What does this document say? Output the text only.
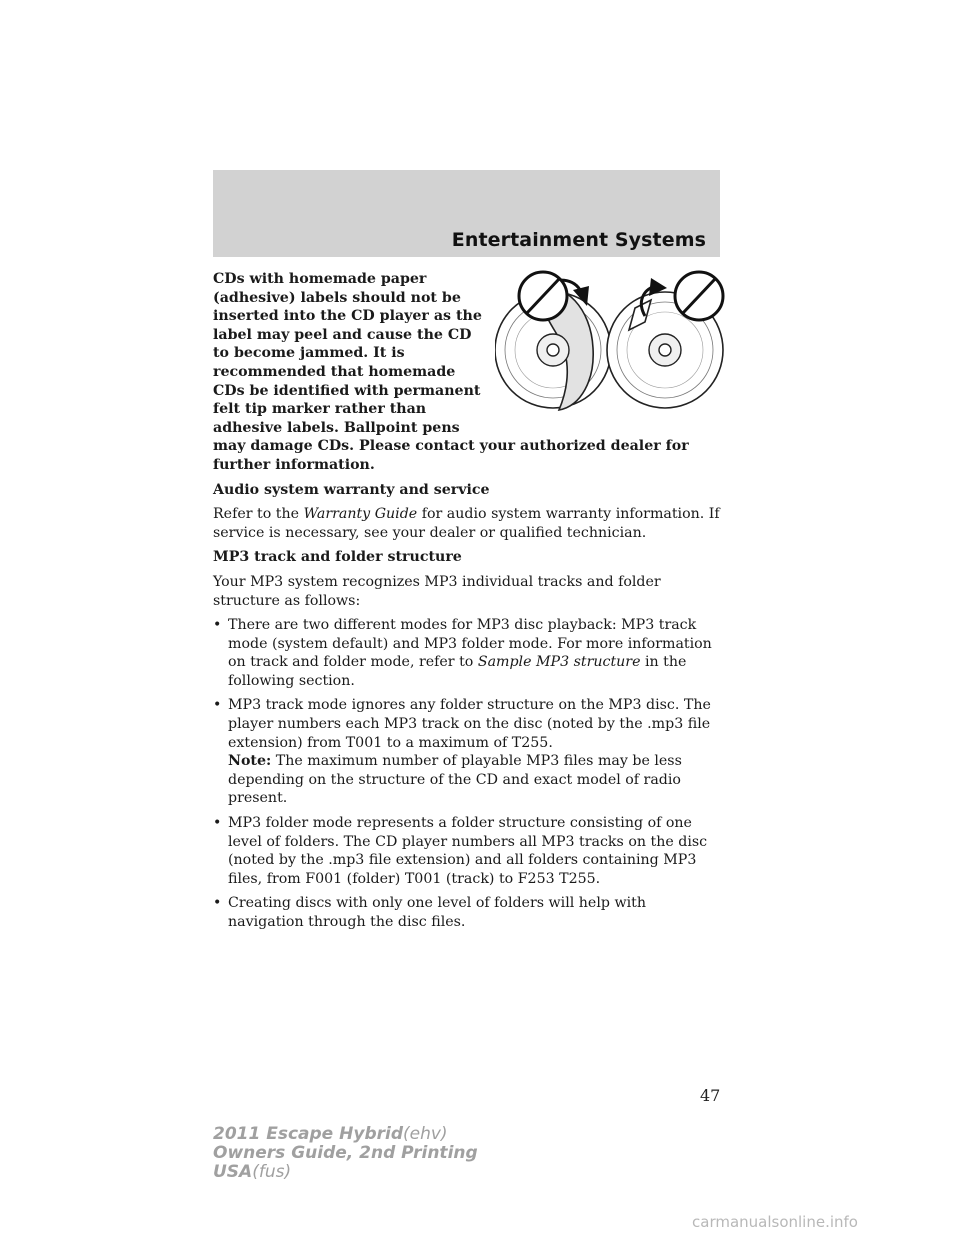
Entertainment Systems

CDs with homemade paper (adhesive) labels should not be inserted into the CD player as the label may peel and cause the CD to become jammed. It is recommended that homemade CDs be identified with permanent felt tip marker rather than adhesive labels. Ballpoint pens may damage CDs. Please contact your authorized dealer for further information.

Audio system warranty and service

Refer to the Warranty Guide for audio system warranty information. If service is necessary, see your dealer or qualified technician.

MP3 track and folder structure

Your MP3 system recognizes MP3 individual tracks and folder structure as follows:

• There are two different modes for MP3 disc playback: MP3 track mode (system default) and MP3 folder mode. For more information on track and folder mode, refer to Sample MP3 structure in the following section.
• MP3 track mode ignores any folder structure on the MP3 disc. The player numbers each MP3 track on the disc (noted by the .mp3 file extension) from T001 to a maximum of T255.
Note: The maximum number of playable MP3 files may be less depending on the structure of the CD and exact model of radio present.
• MP3 folder mode represents a folder structure consisting of one level of folders. The CD player numbers all MP3 tracks on the disc (noted by the .mp3 file extension) and all folders containing MP3 files, from F001 (folder) T001 (track) to F253 T255.
• Creating discs with only one level of folders will help with navigation through the disc files.
47
2011 Escape Hybrid(ehv)
Owners Guide, 2nd Printing
USA(fus)
carmanualsonline.info
